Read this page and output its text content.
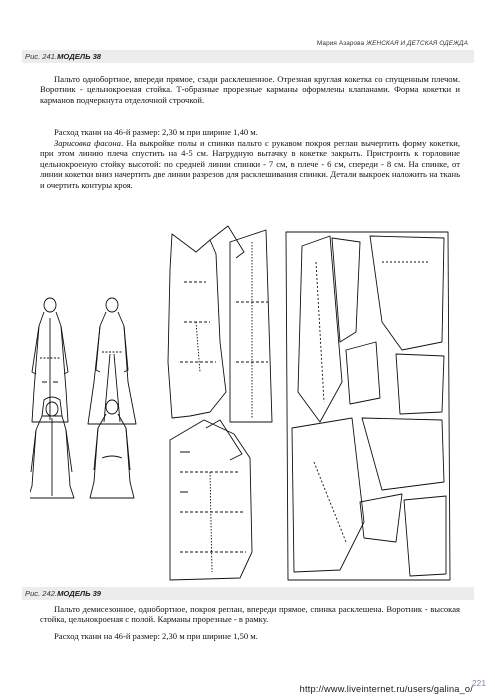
Мария Азарова ЖЕНСКАЯ И ДЕТСКАЯ ОДЕЖДА
Рис. 241.МОДЕЛЬ 38

Пальто однобортное, впереди прямое, сзади расклешенное. Отрезная круглая кокетка со спущенным плечом. Воротник - цельнокроеная стойка. Т-образные прорезные карманы оформлены клапанами. Форма кокетки и карманов подчеркнута отделочной строчкой.

Расход ткани на 46-й размер: 2,30 м при ширине 1,40 м.

Зарисовка фасона. На выкройке полы и спинки пальто с рукавом покроя реглан вычертить форму кокетки, при этом линию плеча спустить на 4-5 см. Нагрудную вытачку в кокетке закрыть. Пристроить к горловине цельнокроеную стойку высотой: по средней линии спинки - 7 см, в плече - 6 см, спереди - 8 см. На спинке, от линии кокетки вниз начертить две линии разрезов для расклешивания спинки. Детали выкроек наложить на ткань и очертить контуры кроя.

Рис. 242.МОДЕЛЬ 39

Пальто демисезонное, однобортное, покроя реглан, впереди прямое, спинка расклешена. Воротник - высокая стойка, цельнокроеная с полой. Карманы прорезные - в рамку.

Расход ткани на 46-й размер: 2,30 м при ширине 1,50 м.

http://www.liveinternet.ru/users/galina_o/
221
